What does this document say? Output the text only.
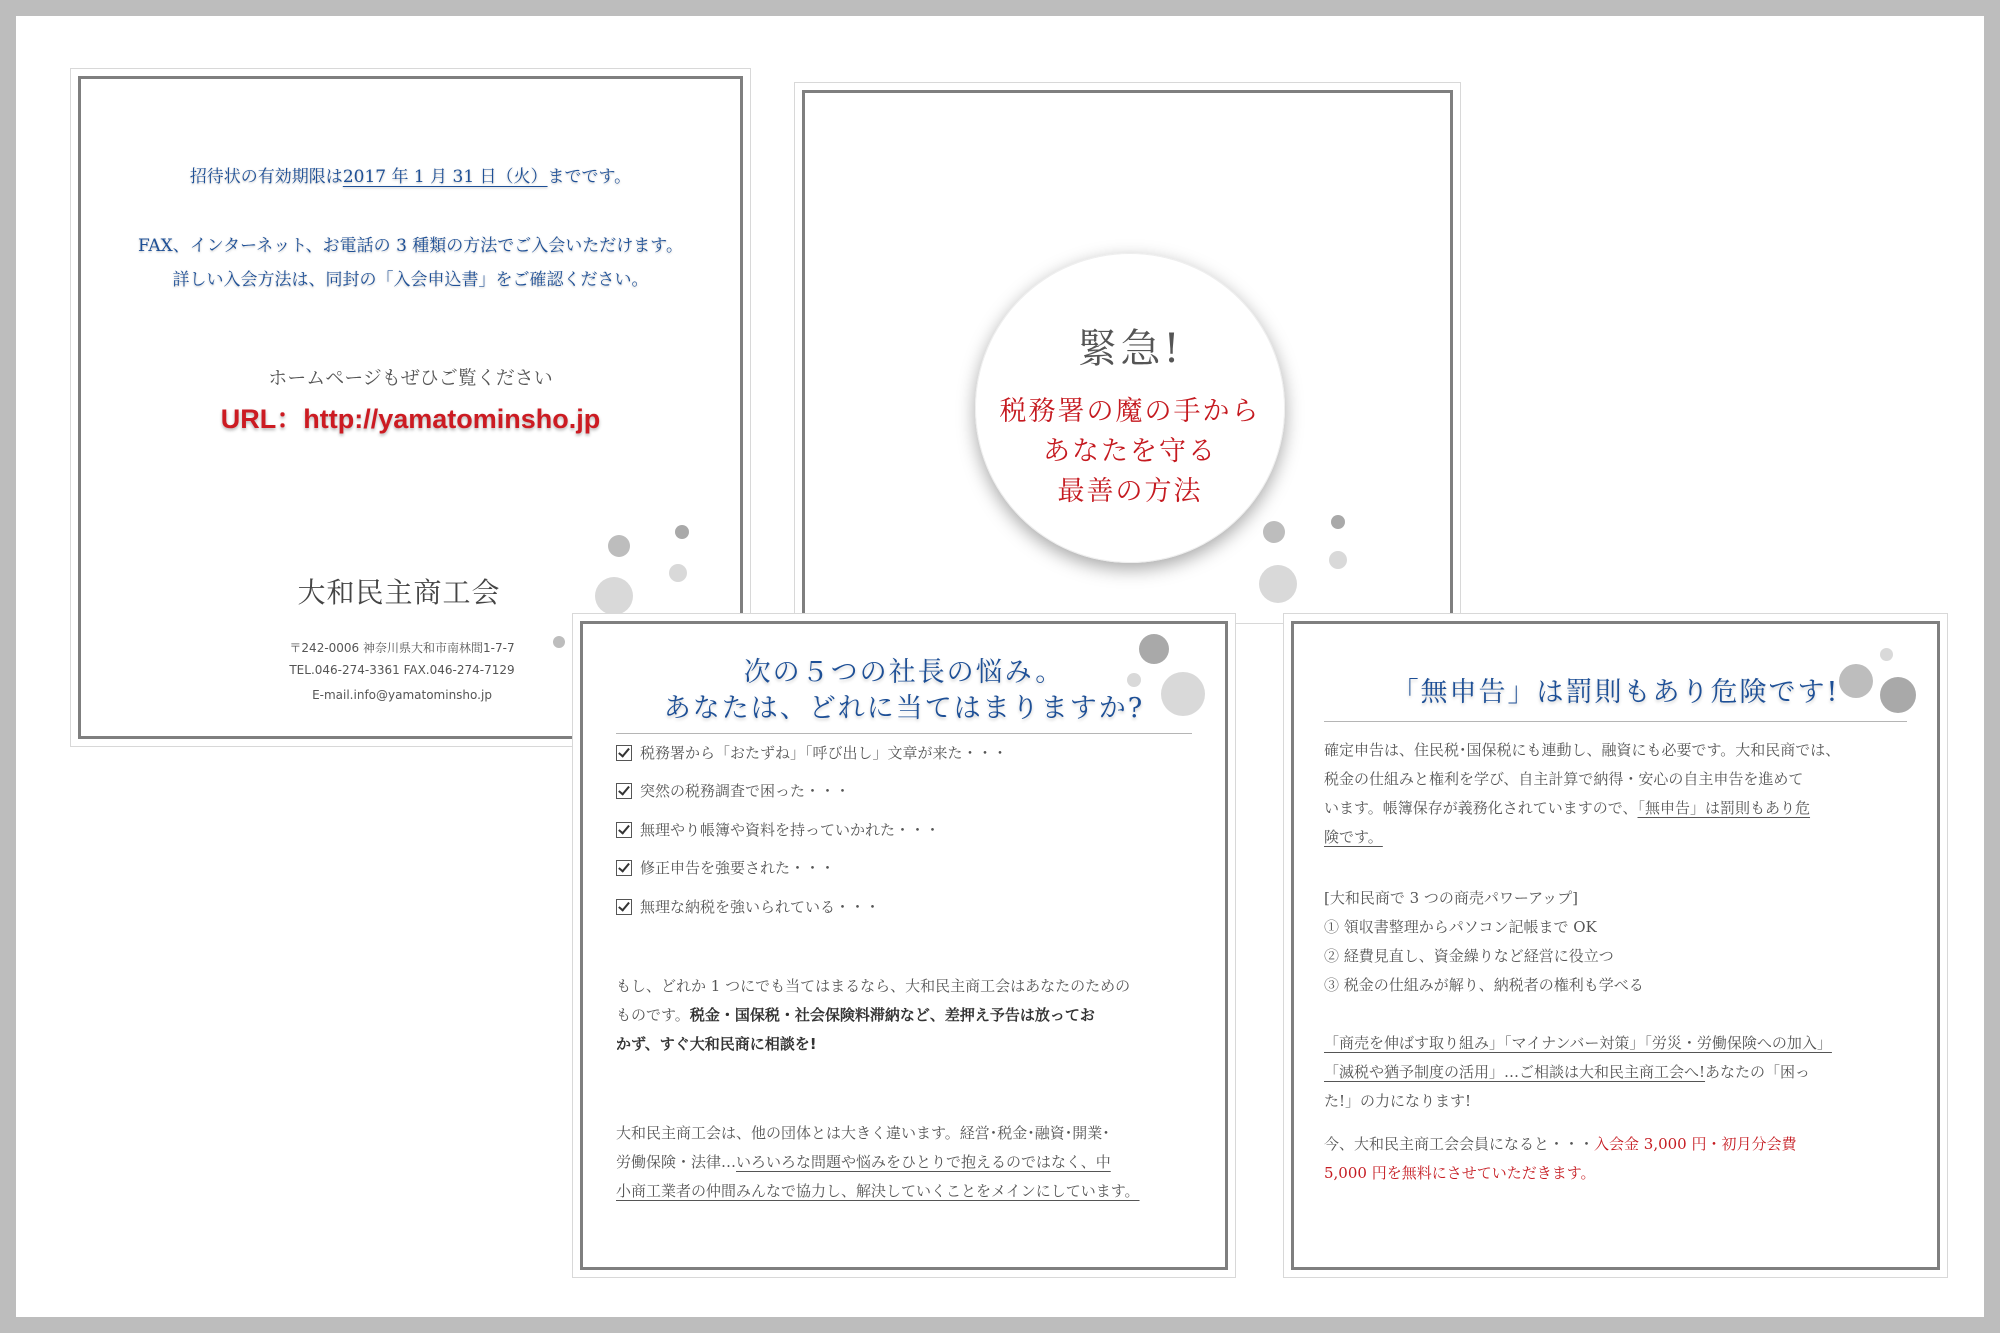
招待状の有効期限は2017 年 1 月 31 日（火）までです。
FAX、インターネット、お電話の 3 種類の方法でご入会いただけます。
詳しい入会方法は、同封の「入会申込書」をご確認ください。
ホームページもぜひご覧ください
URL：http://yamatominsho.jp
大和民主商工会
〒242-0006 神奈川県大和市南林間1-7-7
TEL.046-274-3361 FAX.046-274-7129
E-mail.info@yamatominsho.jp
緊急!
税務署の魔の手から
あなたを守る
最善の方法
次の５つの社長の悩み。
あなたは、どれに当てはまりますか?
税務署から「おたずね」「呼び出し」文章が来た・・・
突然の税務調査で困った・・・
無理やり帳簿や資料を持っていかれた・・・
修正申告を強要された・・・
無理な納税を強いられている・・・
もし、どれか 1 つにでも当てはまるなら、大和民主商工会はあなたのための
ものです。税金・国保税・社会保険料滞納など、差押え予告は放ってお
かず、すぐ大和民商に相談を!
大和民主商工会は、他の団体とは大きく違います。経営･税金･融資･開業･
労働保険・法律…いろいろな問題や悩みをひとりで抱えるのではなく、中
小商工業者の仲間みんなで協力し、解決していくことをメインにしています。
「無申告」は罰則もあり危険です!
確定申告は、住民税･国保税にも連動し、融資にも必要です。大和民商では、
税金の仕組みと権利を学び、自主計算で納得・安心の自主申告を進めて
います。帳簿保存が義務化されていますので、「無申告」は罰則もあり危
険です。
[大和民商で 3 つの商売パワーアップ]
① 領収書整理からパソコン記帳まで OK
② 経費見直し、資金繰りなど経営に役立つ
③ 税金の仕組みが解り、納税者の権利も学べる
「商売を伸ばす取り組み」「マイナンバー対策」「労災・労働保険への加入」
「滅税や猶予制度の活用」…ご相談は大和民主商工会へ!あなたの「困っ
た!」の力になります!
今、大和民主商工会会員になると・・・入会金 3,000 円・初月分会費
5,000 円を無料にさせていただきます。
